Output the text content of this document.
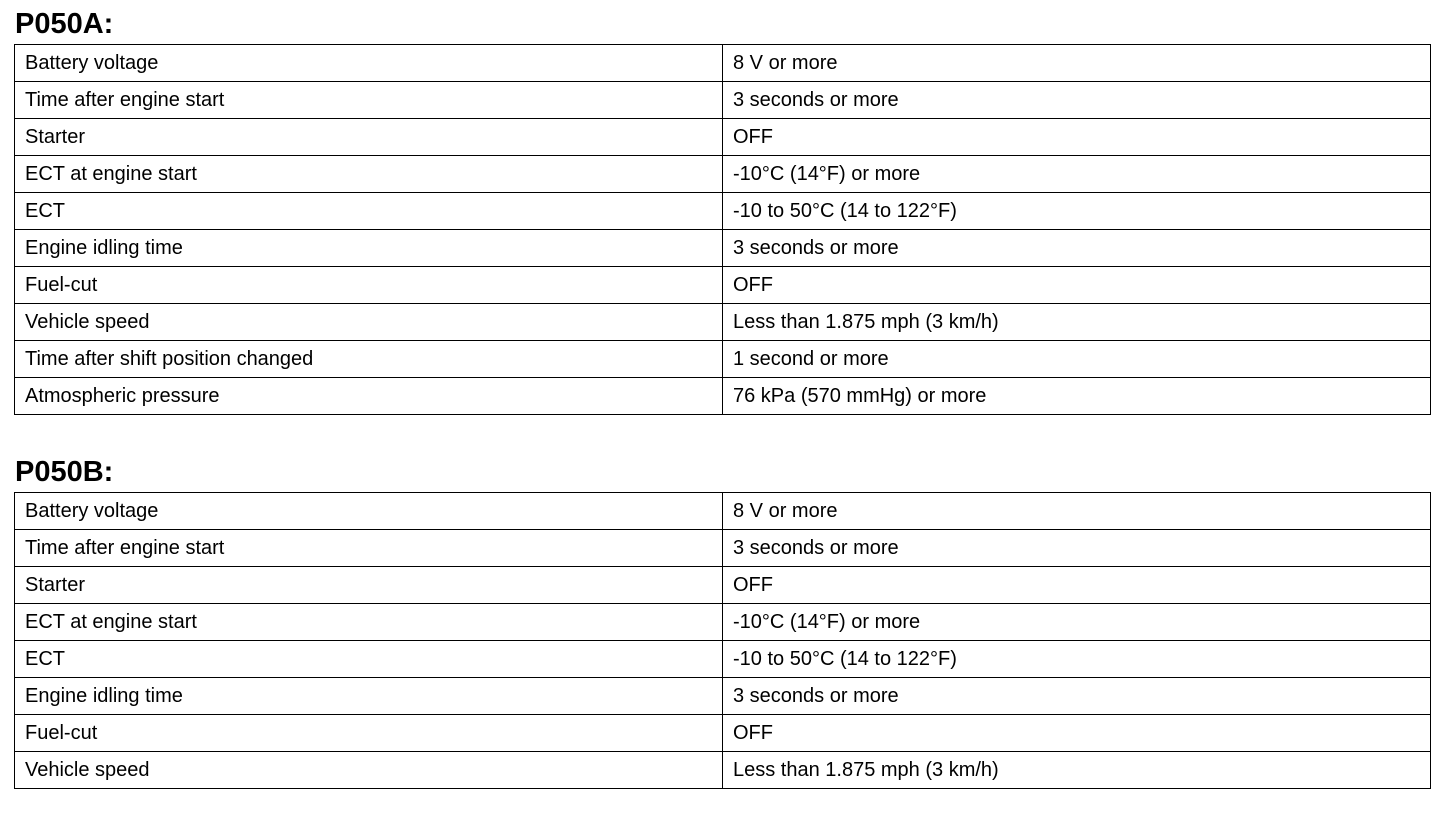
P050A:
Battery voltage	8 V or more
Time after engine start	3 seconds or more
Starter	OFF
ECT at engine start	-10°C (14°F) or more
ECT	-10 to 50°C (14 to 122°F)
Engine idling time	3 seconds or more
Fuel-cut	OFF
Vehicle speed	Less than 1.875 mph (3 km/h)
Time after shift position changed	1 second or more
Atmospheric pressure	76 kPa (570 mmHg) or more
P050B:
Battery voltage	8 V or more
Time after engine start	3 seconds or more
Starter	OFF
ECT at engine start	-10°C (14°F) or more
ECT	-10 to 50°C (14 to 122°F)
Engine idling time	3 seconds or more
Fuel-cut	OFF
Vehicle speed	Less than 1.875 mph (3 km/h)
